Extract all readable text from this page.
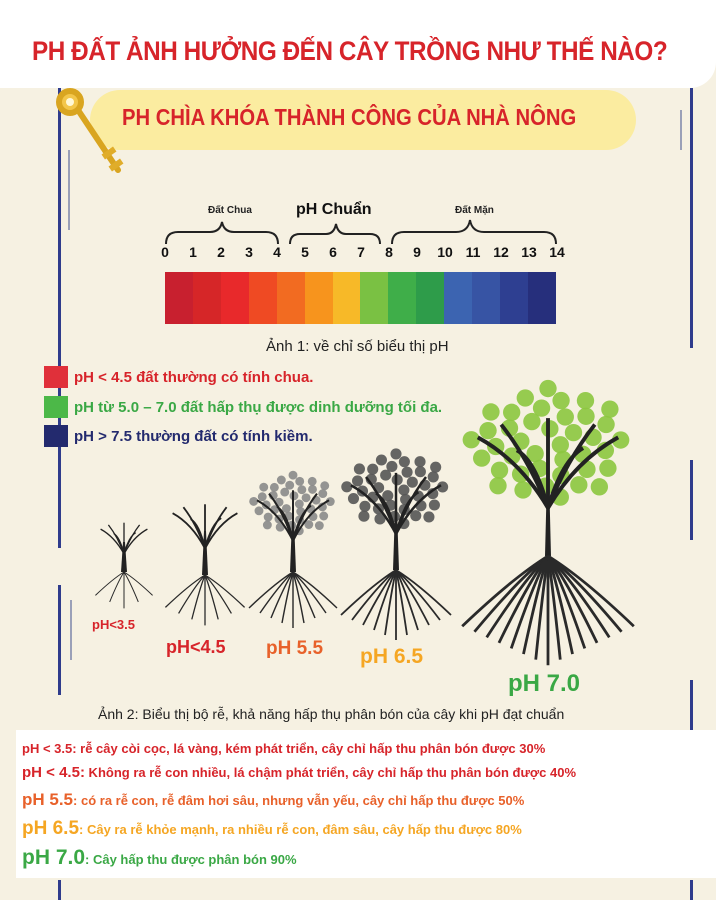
PH ĐẤT ẢNH HƯỞNG ĐẾN CÂY TRỒNG NHƯ THẾ NÀO?
PH CHÌA KHÓA THÀNH CÔNG CỦA NHÀ NÔNG
Đất Chua	pH Chuẩn	Đất Mặn
0	1	2	3	4	5	6	7	8	9	10 11 12 13 14
Ảnh 1: về chỉ số biểu thị pH
pH < 4.5 đất thường có tính chua.
pH từ 5.0 – 7.0 đất hấp thụ được dinh dưỡng tối đa.
pH > 7.5 thường đất có tính kiềm.
pH<3.5
pH<4.5 pH 5.5 pH 6.5
pH 7.0
Ảnh 2: Biểu thị bộ rễ, khả năng hấp thụ phân bón của cây khi pH đạt chuẩn
pH < 3.5: rễ cây còi cọc, lá vàng, kém phát triển, cây chỉ hấp thu phân bón được 30%
pH < 4.5: Không ra rễ con nhiều, lá chậm phát triển, cây chỉ hấp thu phân bón được 40%
pH 5.5: có ra rễ con, rễ đâm hơi sâu, nhưng vẫn yếu, cây chỉ hấp thu được 50%
pH 6.5: Cây ra rễ khỏe mạnh, ra nhiều rễ con, đâm sâu, cây hấp thu được 80%
pH 7.0: Cây hấp thu được phân bón 90%
